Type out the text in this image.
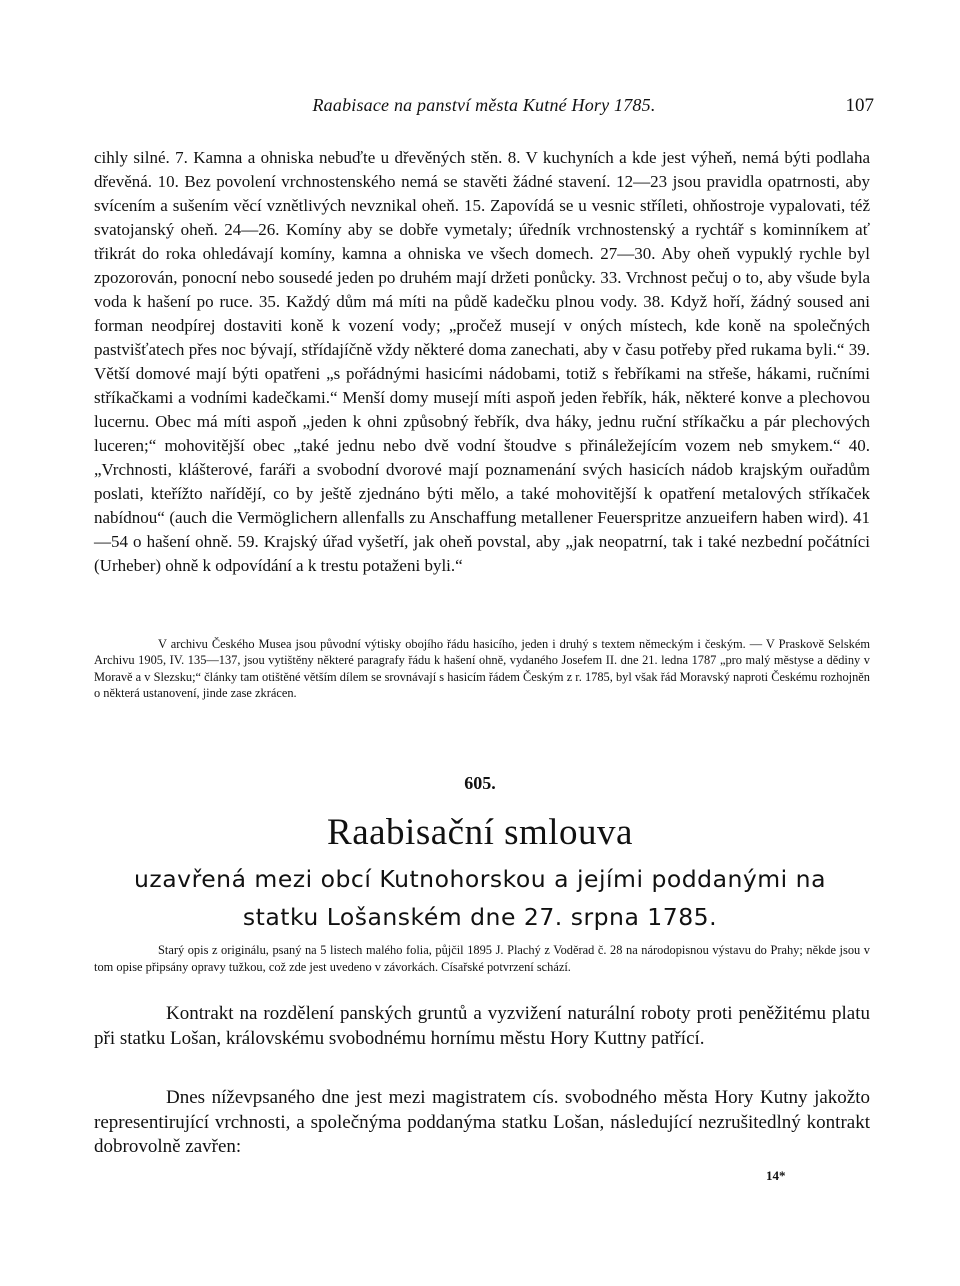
Raabisace na panství města Kutné Hory 1785.	107

cihly silné. 7. Kamna a ohniska nebuďte u dřevěných stěn. 8. V kuchyních a kde jest výheň, nemá býti podlaha dřevěná. 10. Bez povolení vrchnostenského nemá se stavěti žádné stavení. 12—23 jsou pravidla opatrnosti, aby svícením a sušením věcí vznětlivých nevznikal oheň. 15. Zapovídá se u vesnic stříleti, ohňostroje vypalovati, též svatojanský oheň. 24—26. Komíny aby se dobře vymetaly; úředník vrchnostenský a rychtář s kominníkem ať třikrát do roka ohledávají komíny, kamna a ohniska ve všech domech. 27—30. Aby oheň vypuklý rychle byl zpozorován, ponocní nebo sousedé jeden po druhém mají držeti ponůcky. 33. Vrchnost pečuj o to, aby všude byla voda k hašení po ruce. 35. Každý dům má míti na půdě kadečku plnou vody. 38. Když hoří, žádný soused ani forman neodpírej dostaviti koně k vození vody; „pročež musejí v oných místech, kde koně na společných pastvišťatech přes noc bývají, střídajíčně vždy některé doma zanechati, aby v času potřeby před rukama byli.“ 39. Větší domové mají býti opatřeni „s pořádnými hasicími nádobami, totiž s řebříkami na střeše, hákami, ručními stříkačkami a vodními kadečkami.“ Menší domy musejí míti aspoň jeden řebřík, hák, některé konve a plechovou lucernu. Obec má míti aspoň „jeden k ohni způsobný řebřík, dva háky, jednu ruční stříkačku a pár plechových luceren;“ mohovitější obec „také jednu nebo dvě vodní štoudve s přináležejícím vozem neb smykem.“ 40. „Vrchnosti, klášterové, faráři a svobodní dvorové mají poznamenání svých hasicích nádob krajským ouřadům poslati, kteřížto nařídějí, co by ještě zjednáno býti mělo, a také mohovitější k opatření metalových stříkaček nabídnou“ (auch die Vermöglichern allenfalls zu Anschaffung metallener Feuerspritze anzueifern haben wird). 41—54 o hašení ohně. 59. Krajský úřad vyšetří, jak oheň povstal, aby „jak neopatrní, tak i také nezbední počátníci (Urheber) ohně k odpovídání a k trestu potaženi byli.“

V archivu Českého Musea jsou původní výtisky obojího řádu hasicího, jeden i druhý s textem německým i českým. — V Praskově Selském Archivu 1905, IV. 135—137, jsou vytištěny některé paragrafy řádu k hašení ohně, vydaného Josefem II. dne 21. ledna 1787 „pro malý městyse a dědiny v Moravě a v Slezsku;“ články tam otištěné větším dílem se srovnávají s hasicím řádem Českým z r. 1785, byl však řád Moravský naproti Českému rozhojněn o některá ustanovení, jinde zase zkrácen.

605.
Raabisační smlouva
uzavřená mezi obcí Kutnohorskou a jejími poddanými na statku Lošanském dne 27. srpna 1785.

Starý opis z originálu, psaný na 5 listech malého folia, půjčil 1895 J. Plachý z Voděrad č. 28 na národopisnou výstavu do Prahy; někde jsou v tom opise připsány opravy tužkou, což zde jest uvedeno v závorkách. Císařské potvrzení schází.

Kontrakt na rozdělení panských gruntů a vyzvižení naturální roboty proti peněžitému platu při statku Lošan, královskému svobodnému hornímu městu Hory Kuttny patřící.

Dnes níževpsaného dne jest mezi magistratem cís. svobodného města Hory Kutny jakožto representirující vrchnosti, a společnýma poddanýma statku Lošan, následující nezrušitedlný kontrakt dobrovolně zavřen:

14*
